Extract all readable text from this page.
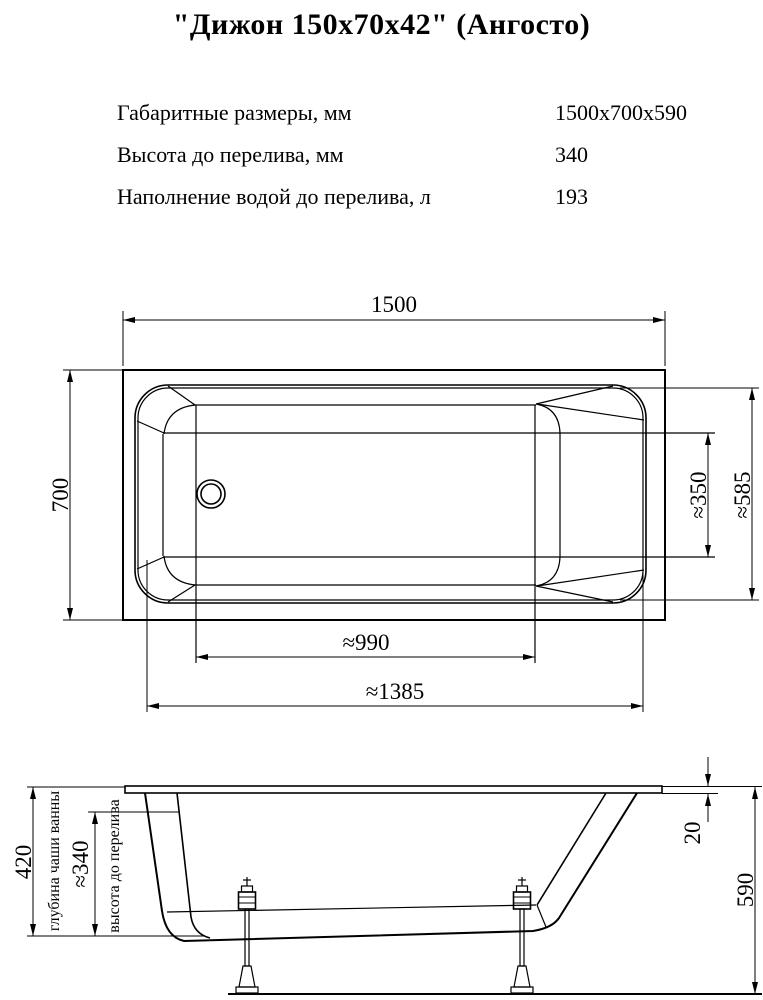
"Дижон 150х70х42" (Ангосто)
Габаритные размеры, мм	1500х700х590
Высота до перелива, мм	340
Наполнение водой до перелива, л	193
1500
700	≈585
≈350
≈990
≈1385
420 глубина чаши ванны ≈340 высота до перелива	20
590
